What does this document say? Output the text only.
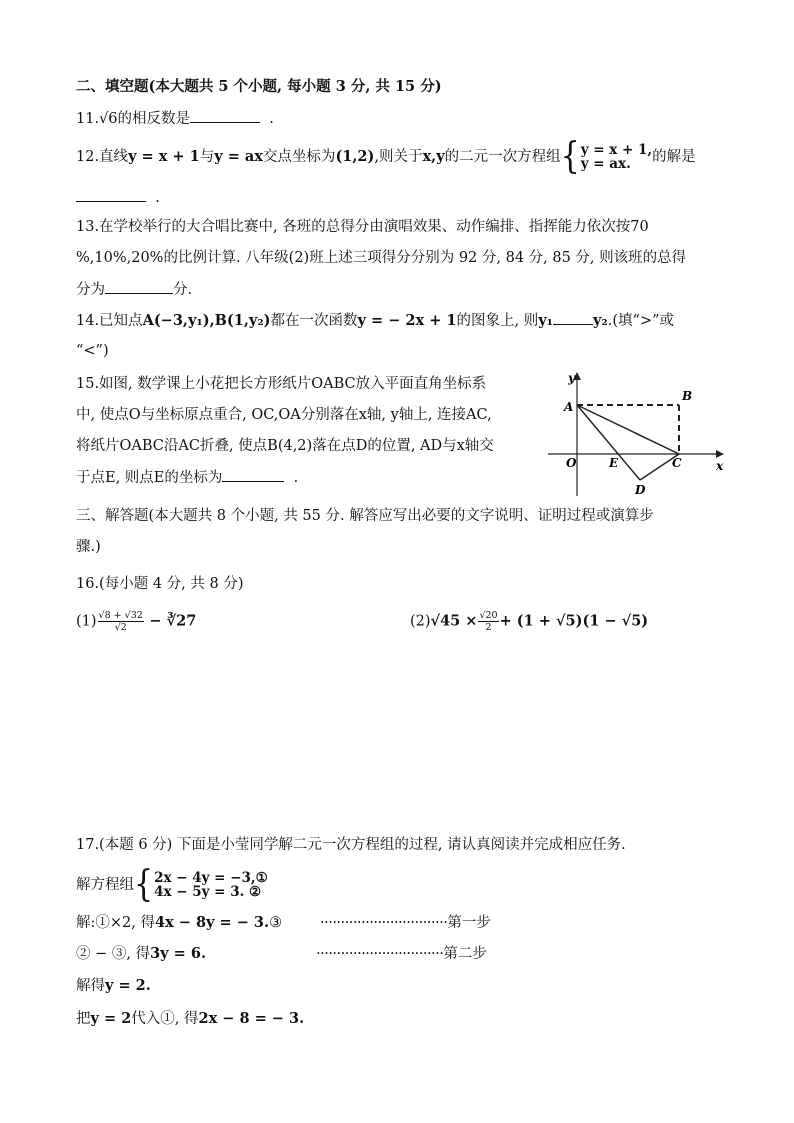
二、填空题(本大题共 5 个小题, 每小题 3 分, 共 15 分)
11.√6的相反数是	.
12.直线y = x + 1与y = ax交点坐标为(1,2),则关于x,y的二元一次方程组{y = x + 1,
y = ax. 的解是
.
13.在学校举行的大合唱比赛中, 各班的总得分由演唱效果、动作编排、指挥能力依次按70
%,10%,20%的比例计算. 八年级(2)班上述三项得分分别为 92 分, 84 分, 85 分, 则该班的总得
分为	分.
14.已知点A(−3,y₁),B(1,y₂)都在一次函数y = − 2x + 1的图象上, 则y₁	y₂.(填“>”或
“<”)
15.如图, 数学课上小花把长方形纸片OABC放入平面直角坐标系
中, 使点O与坐标原点重合, OC,OA分别落在x轴, y轴上, 连接AC,
将纸片OABC沿AC折叠, 使点B(4,2)落在点D的位置, AD与x轴交
于点E, 则点E的坐标为	.
y
x
A
B
O	E	C
D
三、解答题(本大题共 8 个小题, 共 55 分. 解答应写出必要的文字说明、证明过程或演算步
骤.)
16.(每小题 4 分, 共 8 分)
$(1) \frac{√8 + √32}{√2}$ − ∛27	$(2)√45 \times \frac{√20}{2} + (1 + √5)(1 - √5)$
17.(本题 6 分) 下面是小莹同学解二元一次方程组的过程, 请认真阅读并完成相应任务.
解方程组{2x − 4y = −3,①
4x − 5y = 3. ②
解:①×2, 得4x − 8y = − 3.③	·······························第一步
② − ③, 得3y = 6.	·······························第二步
解得y = 2.
把y = 2代入①, 得2x − 8 = − 3.
